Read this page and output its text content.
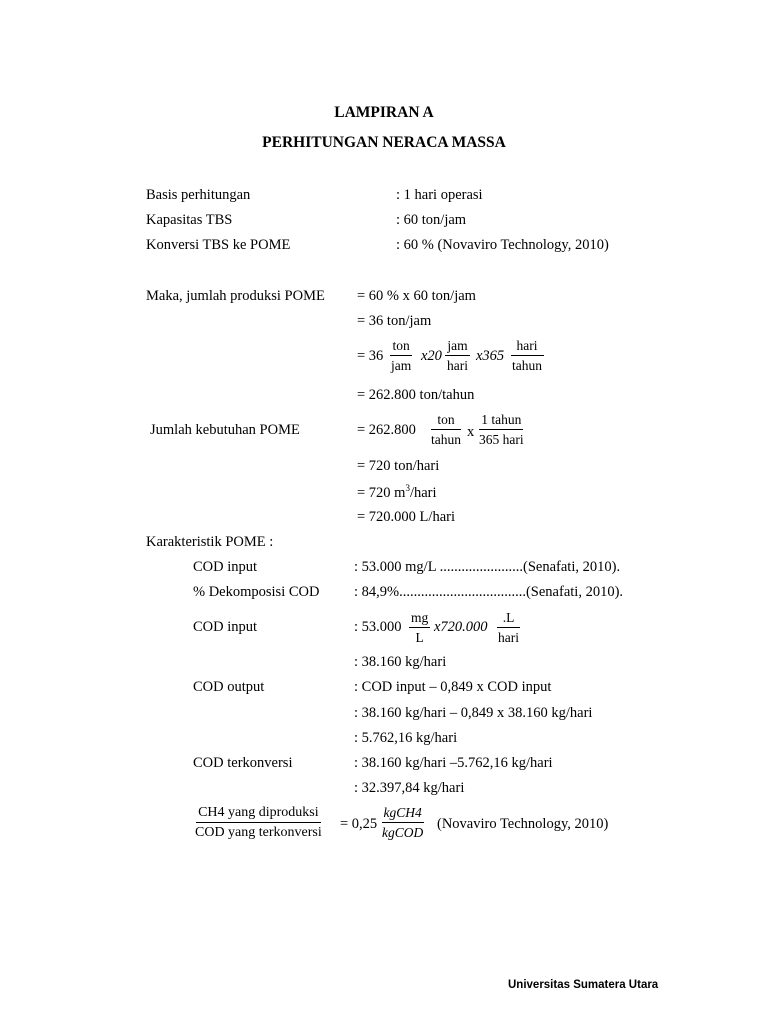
LAMPIRAN A
PERHITUNGAN NERACA MASSA
Basis perhitungan	: 1 hari operasi
Kapasitas TBS	: 60 ton/jam
Konversi TBS ke POME	: 60 % (Novaviro Technology, 2010)
Maka, jumlah produksi POME = 60 % x 60 ton/jam
= 36 ton/jam
= 36
ton
jam
x20
jam
hari
x365
hari
tahun
= 262.800 ton/tahun
Jumlah kebutuhan POME	= 262.800
ton
tahun x
1 tahun
365 hari
= 720 ton/hari
= 720 $m^3$/hari
= 720.000 L/hari
Karakteristik POME :
COD input	: 53.000 mg/L .......................(Senafati, 2010).
% Dekomposisi COD : 84,9%...................................(Senafati, 2010).
COD input	: $53.000 \frac{mg}{L} x720.000$
.L
hari
: 38.160 kg/hari
COD output	: COD input – 0,849 x COD input
: 38.160 kg/hari – 0,849 x 38.160 kg/hari
: 5.762,16 kg/hari
COD terkonversi	: 38.160 kg/hari –5.762,16 kg/hari
: 32.397,84 kg/hari
CH4 yang diproduksi
COD yang terkonversi
= 0,25
kgCH4
kgCOD (Novaviro Technology, 2010)
Universitas Sumatera Utara
